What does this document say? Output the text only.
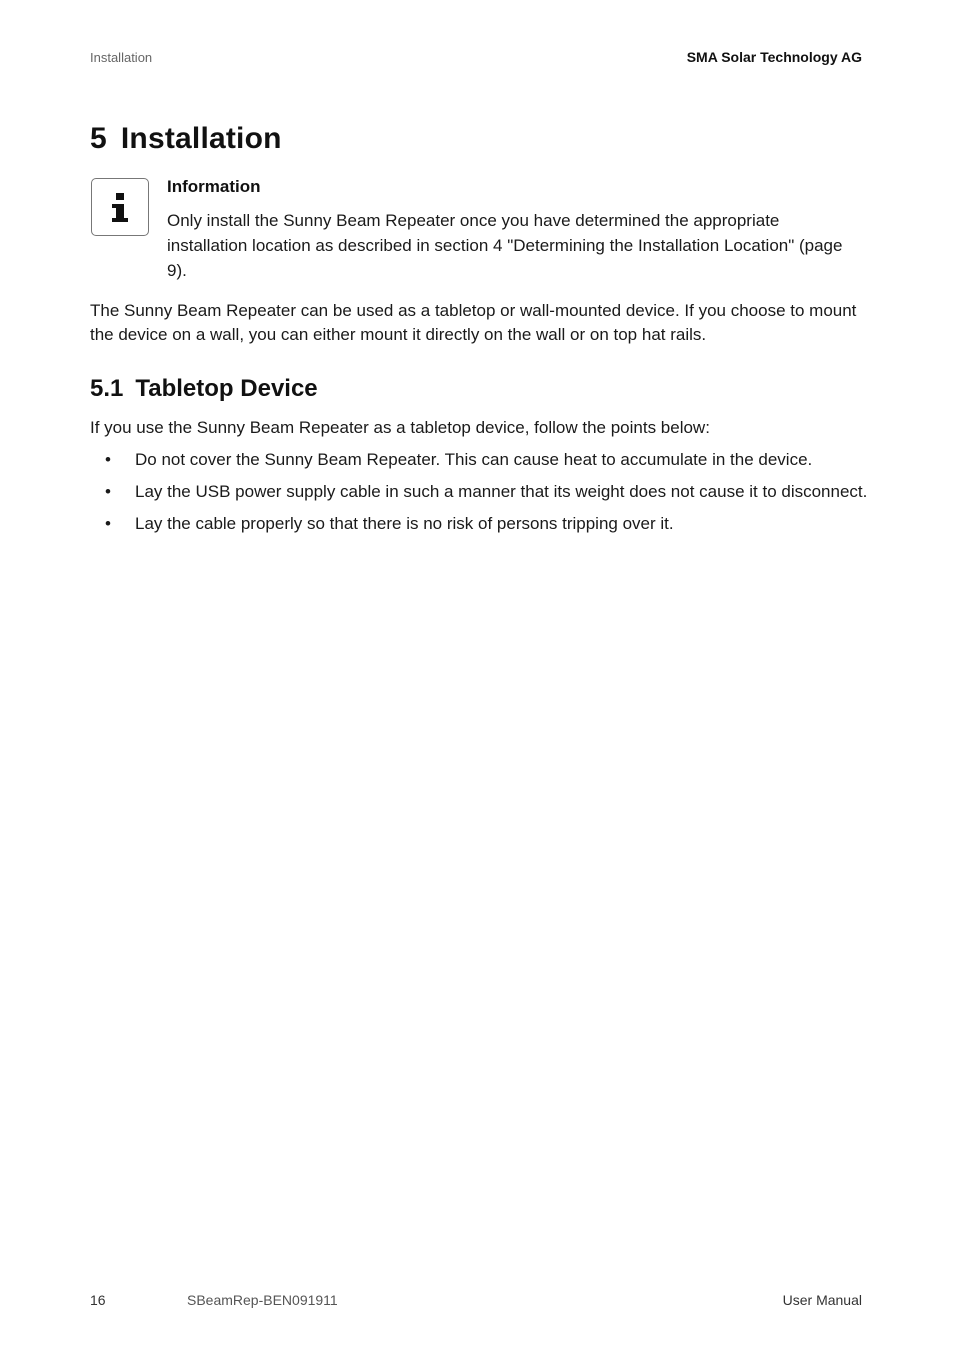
Installation	SMA Solar Technology AG
5 Installation
Information

Only install the Sunny Beam Repeater once you have determined the appropriate installation location as described in section 4 "Determining the Installation Location" (page 9).

The Sunny Beam Repeater can be used as a tabletop or wall-mounted device. If you choose to mount the device on a wall, you can either mount it directly on the wall or on top hat rails.

5.1 Tabletop Device

If you use the Sunny Beam Repeater as a tabletop device, follow the points below:

• Do not cover the Sunny Beam Repeater. This can cause heat to accumulate in the device.
• Lay the USB power supply cable in such a manner that its weight does not cause it to disconnect.
• Lay the cable properly so that there is no risk of persons tripping over it.
16	SBeamRep-BEN091911	User Manual
